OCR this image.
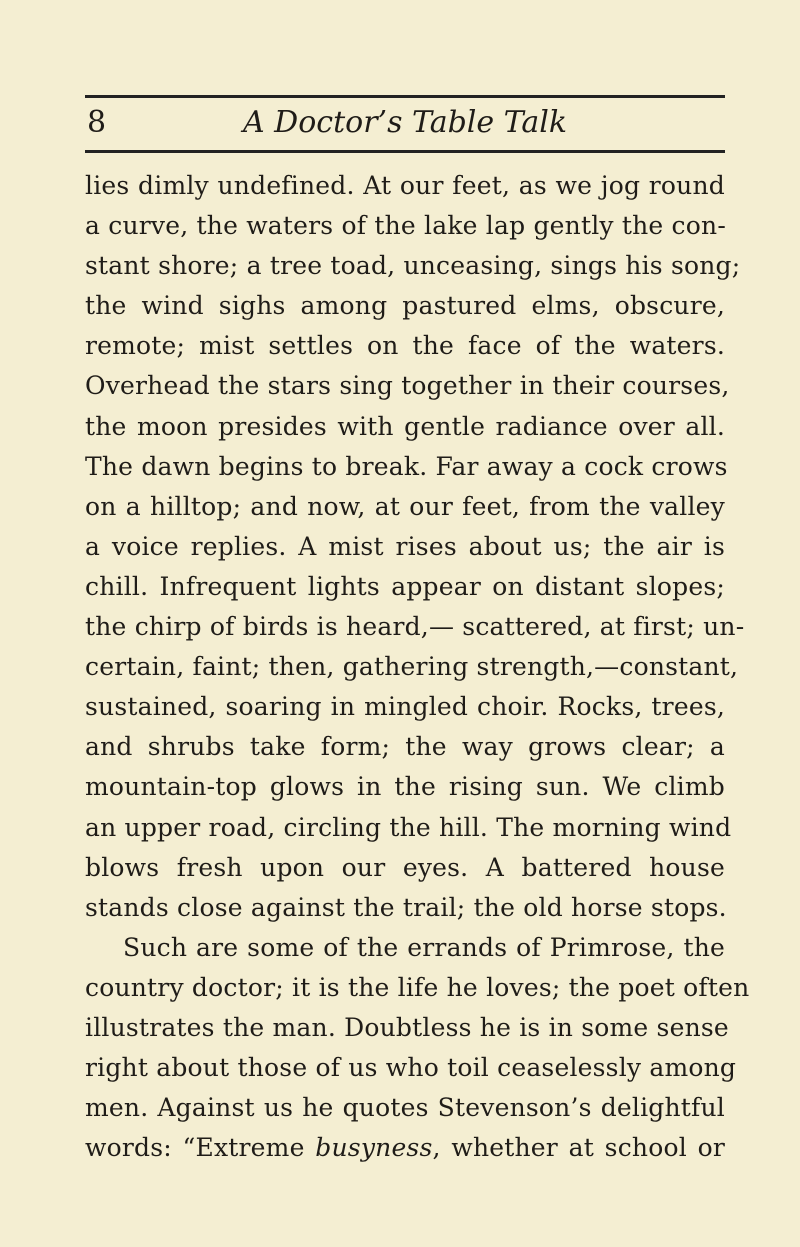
8	A Doctor’s Table Talk
lies dimly undefined. At our feet, as we jog round
a curve, the waters of the lake lap gently the con-
stant shore; a tree toad, unceasing, sings his song;
the wind sighs among pastured elms, obscure,
remote; mist settles on the face of the waters.
Overhead the stars sing together in their courses,
the moon presides with gentle radiance over all.
The dawn begins to break. Far away a cock crows
on a hilltop; and now, at our feet, from the valley
a voice replies. A mist rises about us; the air is
chill. Infrequent lights appear on distant slopes;
the chirp of birds is heard,— scattered, at first; un-
certain, faint; then, gathering strength,—constant,
sustained, soaring in mingled choir. Rocks, trees,
and shrubs take form; the way grows clear; a
mountain-top glows in the rising sun. We climb
an upper road, circling the hill. The morning wind
blows fresh upon our eyes. A battered house
stands close against the trail; the old horse stops.
Such are some of the errands of Primrose, the
country doctor; it is the life he loves; the poet often
illustrates the man. Doubtless he is in some sense
right about those of us who toil ceaselessly among
men. Against us he quotes Stevenson’s delightful
words: “Extreme busyness, whether at school or
